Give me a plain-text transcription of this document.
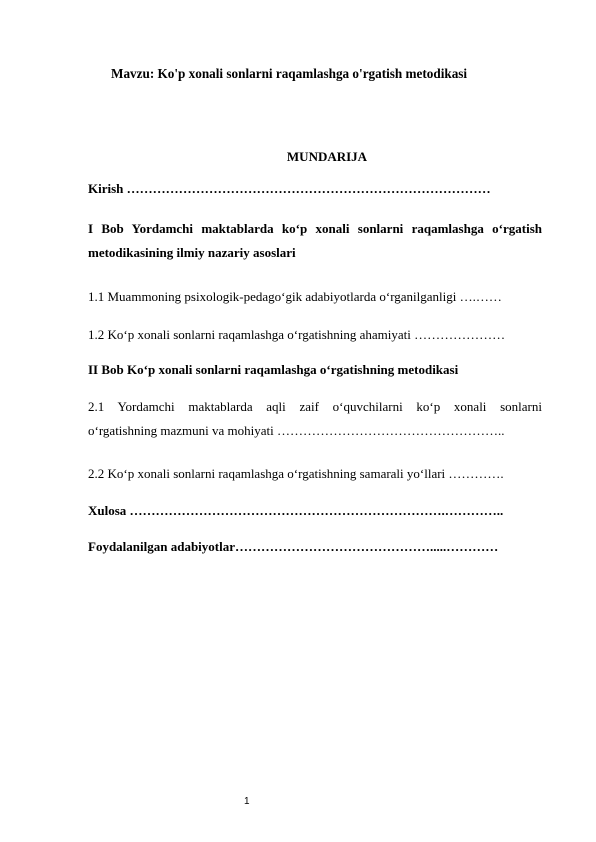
Mavzu: Ko'p xonali sonlarni raqamlashga o'rgatish metodikasi
MUNDARIJA
Kirish …………………………………………………………………………
I Bob Yordamchi maktablarda ko‘p xonali sonlarni raqamlashga o‘rgatish
metodikasining ilmiy nazariy asoslari
1.1 Muammoning psixologik-pedagо‘gik adabiyotlarda o‘rganilganligi ….……
1.2 Ko‘p xonali sonlarni raqamlashga o‘rgatishning ahamiyati …………………
II Bob Ko‘p xonali sonlarni raqamlashga o‘rgatishning metodikasi
2.1 Yordamchi maktablarda aqli zaif o‘quvchilarni ko‘p xonali sonlarni
o‘rgatishning mazmuni va mohiyati ……………………………………………..
2.2 Ko‘p xonali sonlarni raqamlashga o‘rgatishning samarali yo‘llari ………….
Xulosa ……………………………………………………………….…………..
Foydalanilgan adabiyotlar……………………………………….....…………
1
